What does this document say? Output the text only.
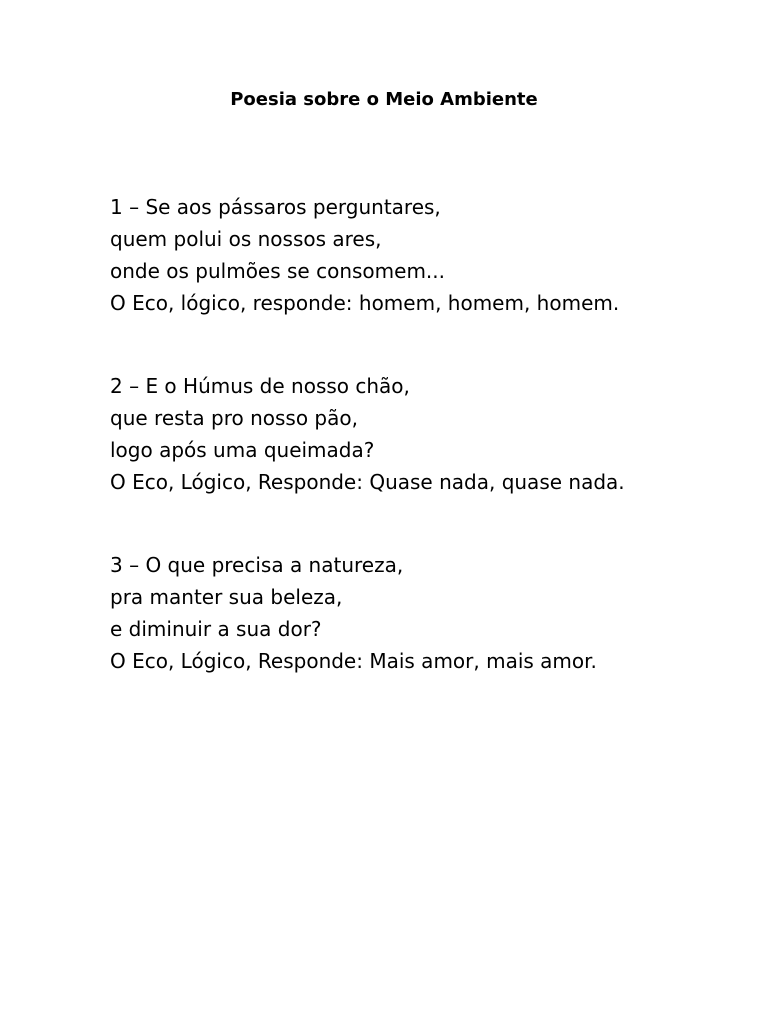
Poesia sobre o Meio Ambiente
1 – Se aos pássaros perguntares,
quem polui os nossos ares,
onde os pulmões se consomem...
O Eco, lógico, responde: homem, homem, homem.
2 – E o Húmus de nosso chão,
que resta pro nosso pão,
logo após uma queimada?
O Eco, Lógico, Responde: Quase nada, quase nada.
3 – O que precisa a natureza,
pra manter sua beleza,
e diminuir a sua dor?
O Eco, Lógico, Responde: Mais amor, mais amor.
